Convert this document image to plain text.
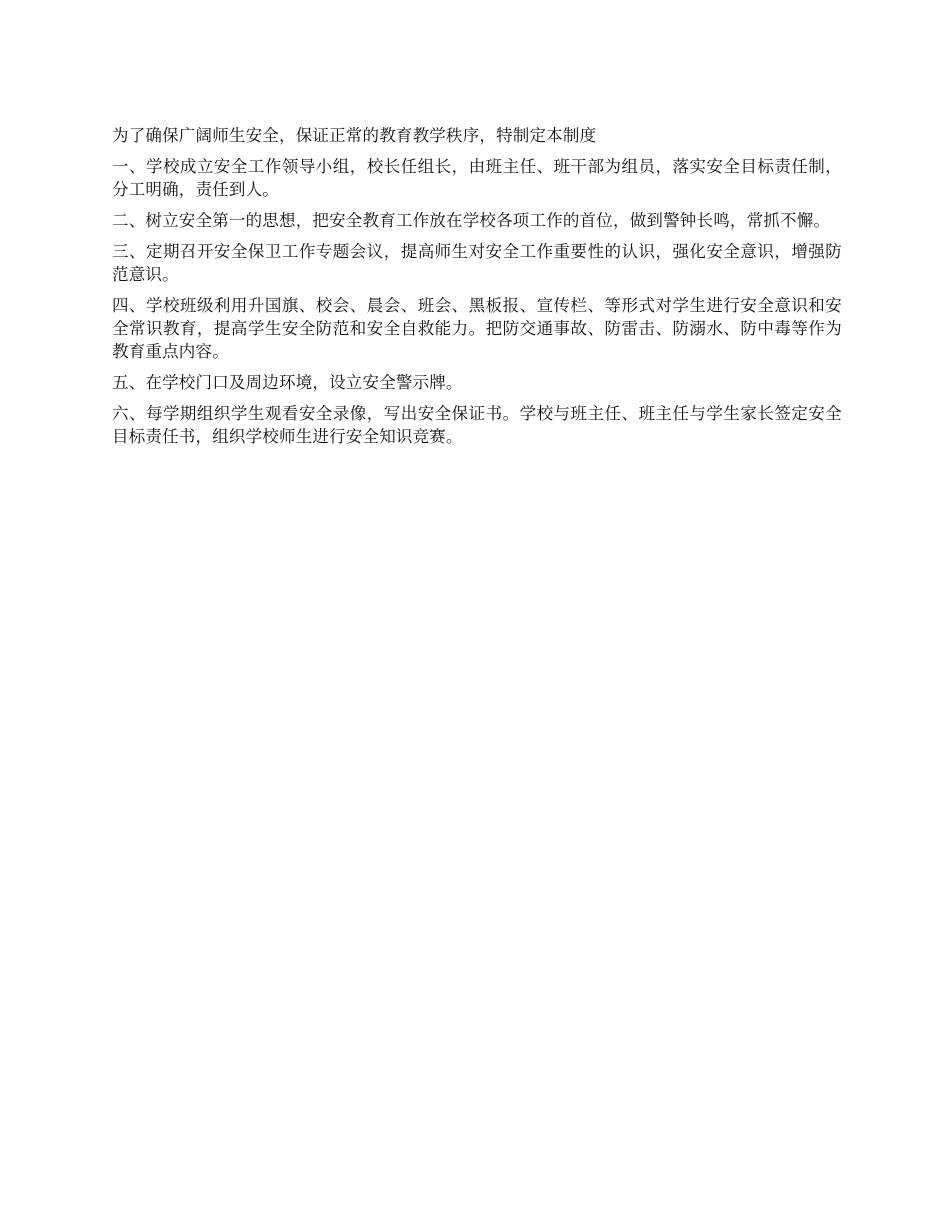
为了确保广阔师生安全，保证正常的教育教学秩序，特制定本制度

一、学校成立安全工作领导小组，校长任组长，由班主任、班干部为组员，落实安全目标责任制，分工明确，责任到人。

二、树立安全第一的思想，把安全教育工作放在学校各项工作的首位，做到警钟长鸣，常抓不懈。

三、定期召开安全保卫工作专题会议，提高师生对安全工作重要性的认识，强化安全意识，增强防范意识。

四、学校班级利用升国旗、校会、晨会、班会、黑板报、宣传栏、等形式对学生进行安全意识和安全常识教育，提高学生安全防范和安全自救能力。把防交通事故、防雷击、防溺水、防中毒等作为教育重点内容。

五、在学校门口及周边环境，设立安全警示牌。

六、每学期组织学生观看安全录像，写出安全保证书。学校与班主任、班主任与学生家长签定安全目标责任书，组织学校师生进行安全知识竞赛。
